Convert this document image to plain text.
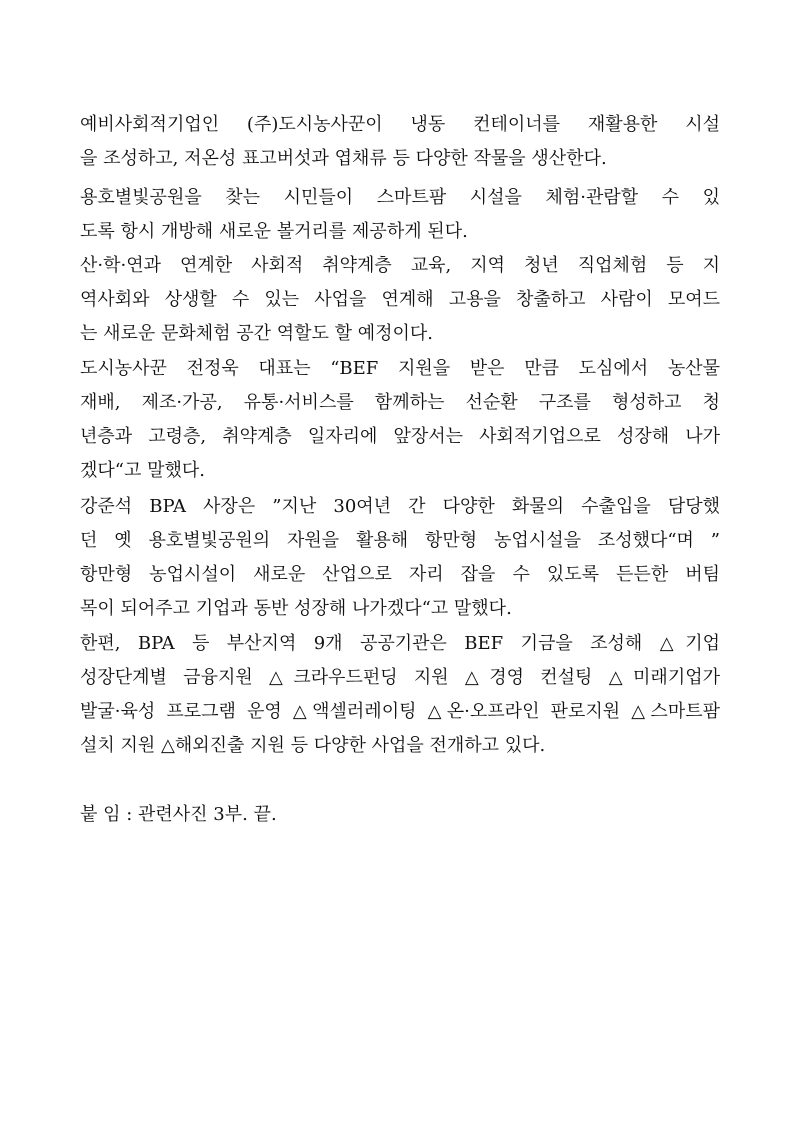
예비사회적기업인 (주)도시농사꾼이 냉동 컨테이너를 재활용한 시설
을 조성하고, 저온성 표고버섯과 엽채류 등 다양한 작물을 생산한다.

용호별빛공원을 찾는 시민들이 스마트팜 시설을 체험·관람할 수 있
도록 항시 개방해 새로운 볼거리를 제공하게 된다.

산·학·연과 연계한 사회적 취약계층 교육, 지역 청년 직업체험 등 지
역사회와 상생할 수 있는 사업을 연계해 고용을 창출하고 사람이 모여드
는 새로운 문화체험 공간 역할도 할 예정이다.

도시농사꾼 전정욱 대표는 “BEF 지원을 받은 만큼 도심에서 농산물
재배, 제조·가공, 유통·서비스를 함께하는 선순환 구조를 형성하고 청
년층과 고령층, 취약계층 일자리에 앞장서는 사회적기업으로 성장해 나가
겠다“고 말했다.

강준석 BPA 사장은 ”지난 30여년 간 다양한 화물의 수출입을 담당했
던 옛 용호별빛공원의 자원을 활용해 항만형 농업시설을 조성했다“며 ”
항만형 농업시설이 새로운 산업으로 자리 잡을 수 있도록 든든한 버팀
목이 되어주고 기업과 동반 성장해 나가겠다“고 말했다.

한편, BPA 등 부산지역 9개 공공기관은 BEF 기금을 조성해 △기업
성장단계별 금융지원 △크라우드펀딩 지원 △경영 컨설팅 △미래기업가
발굴·육성 프로그램 운영 △액셀러레이팅 △온·오프라인 판로지원 △스마트팜
설치 지원 △해외진출 지원 등 다양한 사업을 전개하고 있다.

붙 임 : 관련사진 3부. 끝.
